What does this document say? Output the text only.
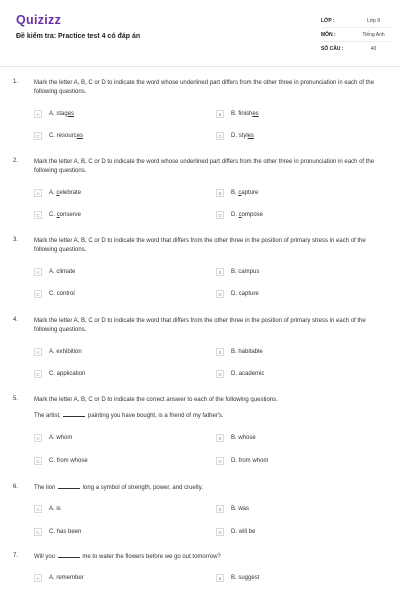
Quizizz
Đề kiểm tra: Practice test 4 có đáp án
LỚP :	Lớp 9
MÔN :	Tiếng Anh
SỐ CÂU :	40
1.	Mark the letter A, B, C or D to indicate the word whose underlined part differs from the other three in pronunciation in each of the following questions.
A	A. stages	B	B. finishes
C	C. resources	D	D. styles
2.	Mark the letter A, B, C or D to indicate the word whose underlined part differs from the other three in pronunciation in each of the following questions.
A	A. celebrate	B	B. capture
C	C. conserve	D	D. compose
3.	Mark the letter A, B, C or D to indicate the word that differs from the other three in the position of primary stress in each of the following questions.
A	A. climate	B	B. campus
C	C. control	D	D. capture
4.	Mark the letter A, B, C or D to indicate the word that differs from the other three in the position of primary stress in each of the following questions.
A	A. exhibition	B	B. habitable
C	C. application	D	D. academic
5.	Mark the letter A, B, C or D to indicate the correct answer to each of the following questions.
The artist,	painting you have bought, is a friend of my father's.
A	A. whom	B	B. whose
C	C. from whose	D	D. from whom
6.	The lion	long a symbol of strength, power, and cruelty.
A	A. is	B	B. was
C	C. has been	D	D. will be
7.	Will you	me to water the flowers before we go out tomorrow?
A	A. remember	B	B. suggest
